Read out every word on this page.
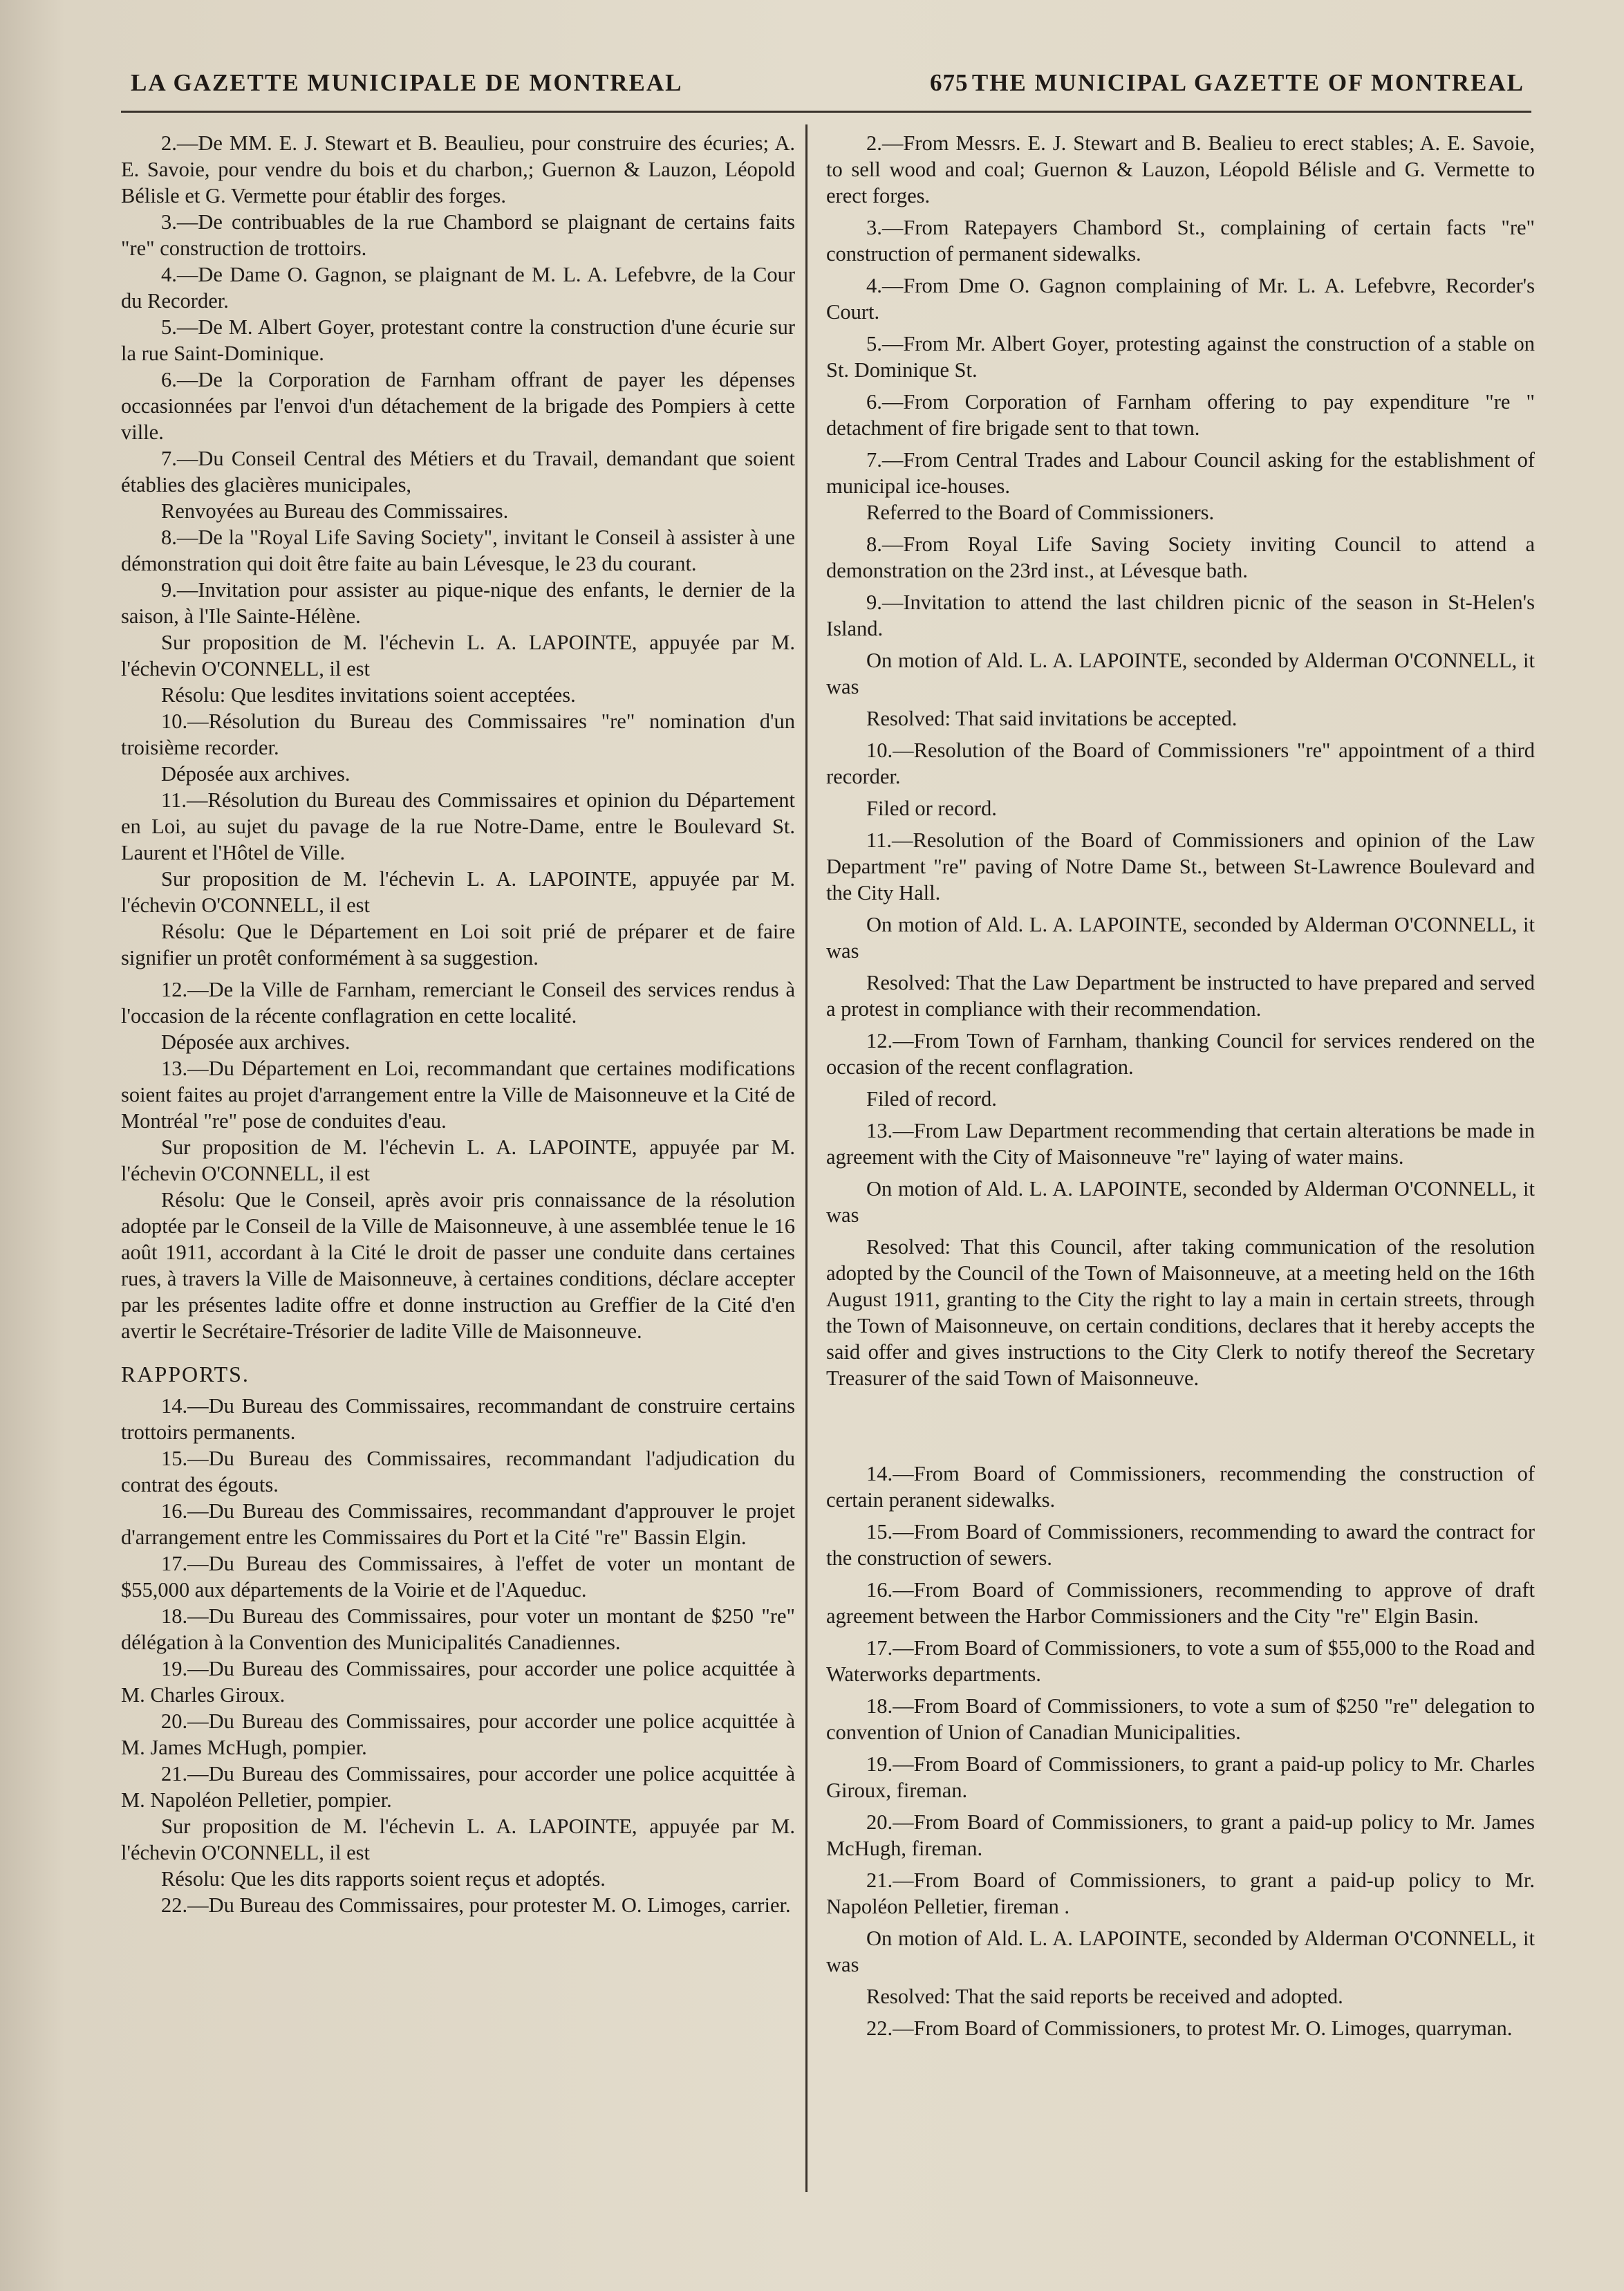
LA GAZETTE MUNICIPALE DE MONTREAL	675 THE MUNICIPAL GAZETTE OF MONTREAL

2.—De MM. E. J. Stewart et B. Beaulieu, pour construire des écuries; A. E. Savoie, pour vendre du bois et du charbon,; Guernon & Lauzon, Léopold Bélisle et G. Vermette pour établir des forges.

3.—De contribuables de la rue Chambord se plaignant de certains faits "re" construction de trottoirs.

4.—De Dame O. Gagnon, se plaignant de M. L. A. Lefebvre, de la Cour du Recorder.

5.—De M. Albert Goyer, protestant contre la construction d'une écurie sur la rue Saint-Dominique.

6.—De la Corporation de Farnham offrant de payer les dépenses occasionnées par l'envoi d'un détachement de la brigade des Pompiers à cette ville.

7.—Du Conseil Central des Métiers et du Travail, demandant que soient établies des glacières municipales,

Renvoyées au Bureau des Commissaires.

8.—De la "Royal Life Saving Society", invitant le Conseil à assister à une démonstration qui doit être faite au bain Lévesque, le 23 du courant.

9.—Invitation pour assister au pique-nique des enfants, le dernier de la saison, à l'Ile Sainte-Hélène.

Sur proposition de M. l'échevin L. A. LAPOINTE, appuyée par M. l'échevin O'CONNELL, il est

Résolu: Que lesdites invitations soient acceptées.

10.—Résolution du Bureau des Commissaires "re" nomination d'un troisième recorder.

Déposée aux archives.

11.—Résolution du Bureau des Commissaires et opinion du Département en Loi, au sujet du pavage de la rue Notre-Dame, entre le Boulevard St. Laurent et l'Hôtel de Ville.

Sur proposition de M. l'échevin L. A. LAPOINTE, appuyée par M. l'échevin O'CONNELL, il est

Résolu: Que le Département en Loi soit prié de préparer et de faire signifier un protêt conformément à sa suggestion.

12.—De la Ville de Farnham, remerciant le Conseil des services rendus à l'occasion de la récente conflagration en cette localité.

Déposée aux archives.

13.—Du Département en Loi, recommandant que certaines modifications soient faites au projet d'arrangement entre la Ville de Maisonneuve et la Cité de Montréal "re" pose de conduites d'eau.

Sur proposition de M. l'échevin L. A. LAPOINTE, appuyée par M. l'échevin O'CONNELL, il est

Résolu: Que le Conseil, après avoir pris connaissance de la résolution adoptée par le Conseil de la Ville de Maisonneuve, à une assemblée tenue le 16 août 1911, accordant à la Cité le droit de passer une conduite dans certaines rues, à travers la Ville de Maisonneuve, à certaines conditions, déclare accepter par les présentes ladite offre et donne instruction au Greffier de la Cité d'en avertir le Secrétaire-Trésorier de ladite Ville de Maisonneuve.

RAPPORTS.

14.—Du Bureau des Commissaires, recommandant de construire certains trottoirs permanents.

15.—Du Bureau des Commissaires, recommandant l'adjudication du contrat des égouts.

16.—Du Bureau des Commissaires, recommandant d'approuver le projet d'arrangement entre les Commissaires du Port et la Cité "re" Bassin Elgin.

17.—Du Bureau des Commissaires, à l'effet de voter un montant de $55,000 aux départements de la Voirie et de l'Aqueduc.

18.—Du Bureau des Commissaires, pour voter un montant de $250 "re" délégation à la Convention des Municipalités Canadiennes.

19.—Du Bureau des Commissaires, pour accorder une police acquittée à M. Charles Giroux.

20.—Du Bureau des Commissaires, pour accorder une police acquittée à M. James McHugh, pompier.

21.—Du Bureau des Commissaires, pour accorder une police acquittée à M. Napoléon Pelletier, pompier.

Sur proposition de M. l'échevin L. A. LAPOINTE, appuyée par M. l'échevin O'CONNELL, il est

Résolu: Que les dits rapports soient reçus et adoptés.

22.—Du Bureau des Commissaires, pour protester M. O. Limoges, carrier.

2.—From Messrs. E. J. Stewart and B. Bealieu to erect stables; A. E. Savoie, to sell wood and coal; Guernon & Lauzon, Léopold Bélisle and G. Vermette to erect forges.

3.—From Ratepayers Chambord St., complaining of certain facts "re" construction of permanent sidewalks.

4.—From Dme O. Gagnon complaining of Mr. L. A. Lefebvre, Recorder's Court.

5.—From Mr. Albert Goyer, protesting against the construction of a stable on St. Dominique St.

6.—From Corporation of Farnham offering to pay expenditure "re " detachment of fire brigade sent to that town.

7.—From Central Trades and Labour Council asking for the establishment of municipal ice-houses.

Referred to the Board of Commissioners.

8.—From Royal Life Saving Society inviting Council to attend a demonstration on the 23rd inst., at Lévesque bath.

9.—Invitation to attend the last children picnic of the season in St-Helen's Island.

On motion of Ald. L. A. LAPOINTE, seconded by Alderman O'CONNELL, it was

Resolved: That said invitations be accepted.

10.—Resolution of the Board of Commissioners "re" appointment of a third recorder.

Filed or record.

11.—Resolution of the Board of Commissioners and opinion of the Law Department "re" paving of Notre Dame St., between St-Lawrence Boulevard and the City Hall.

On motion of Ald. L. A. LAPOINTE, seconded by Alderman O'CONNELL, it was

Resolved: That the Law Department be instructed to have prepared and served a protest in compliance with their recommendation.

12.—From Town of Farnham, thanking Council for services rendered on the occasion of the recent conflagration.

Filed of record.

13.—From Law Department recommending that certain alterations be made in agreement with the City of Maisonneuve "re" laying of water mains.

On motion of Ald. L. A. LAPOINTE, seconded by Alderman O'CONNELL, it was

Resolved: That this Council, after taking communication of the resolution adopted by the Council of the Town of Maisonneuve, at a meeting held on the 16th August 1911, granting to the City the right to lay a main in certain streets, through the Town of Maisonneuve, on certain conditions, declares that it hereby accepts the said offer and gives instructions to the City Clerk to notify thereof the Secretary Treasurer of the said Town of Maisonneuve.

14.—From Board of Commissioners, recommending the construction of certain peranent sidewalks.

15.—From Board of Commissioners, recommending to award the contract for the construction of sewers.

16.—From Board of Commissioners, recommending to approve of draft agreement between the Harbor Commissioners and the City "re" Elgin Basin.

17.—From Board of Commissioners, to vote a sum of $55,000 to the Road and Waterworks departments.

18.—From Board of Commissioners, to vote a sum of $250 "re" delegation to convention of Union of Canadian Municipalities.

19.—From Board of Commissioners, to grant a paid-up policy to Mr. Charles Giroux, fireman.

20.—From Board of Commissioners, to grant a paid-up policy to Mr. James McHugh, fireman.

21.—From Board of Commissioners, to grant a paid-up policy to Mr. Napoléon Pelletier, fireman .

On motion of Ald. L. A. LAPOINTE, seconded by Alderman O'CONNELL, it was

Resolved: That the said reports be received and adopted.

22.—From Board of Commissioners, to protest Mr. O. Limoges, quarryman.
